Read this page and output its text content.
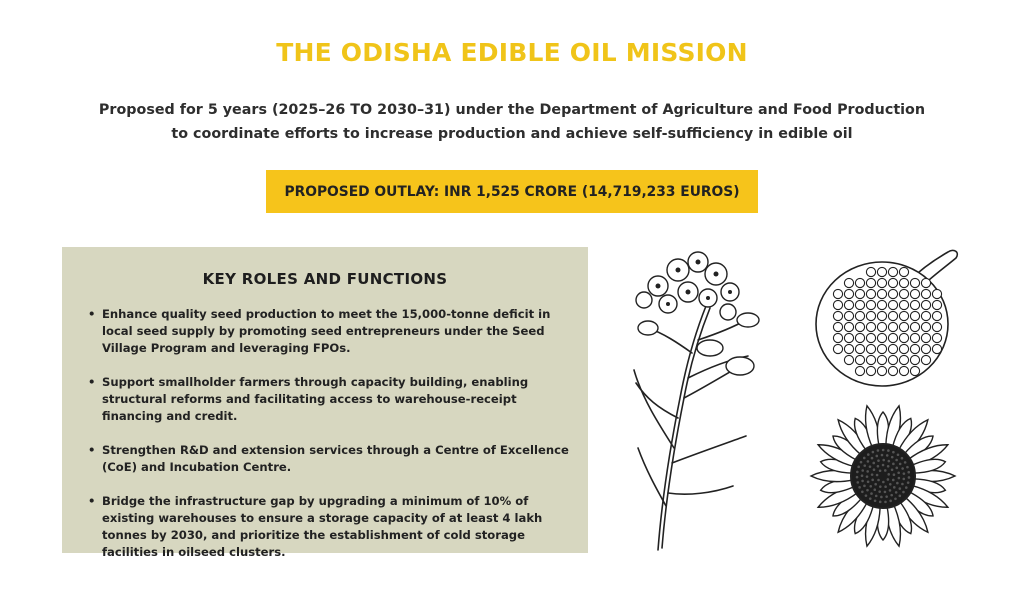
THE ODISHA EDIBLE OIL MISSION
Proposed for 5 years (2025–26 TO 2030–31) under the Department of Agriculture and Food Production
to coordinate efforts to increase production and achieve self-sufficiency in edible oil
PROPOSED OUTLAY: INR 1,525 CRORE (14,719,233 EUROS)
KEY ROLES AND FUNCTIONS
• Enhance quality seed production to meet the 15,000-tonne deficit in local seed supply by promoting seed entrepreneurs under the Seed Village Program and leveraging FPOs.
• Support smallholder farmers through capacity building, enabling structural reforms and facilitating access to warehouse-receipt financing and credit.
• Strengthen R&D and extension services through a Centre of Excellence (CoE) and Incubation Centre.
• Bridge the infrastructure gap by upgrading a minimum of 10% of existing warehouses to ensure a storage capacity of at least 4 lakh tonnes by 2030, and prioritize the establishment of cold storage facilities in oilseed clusters.
